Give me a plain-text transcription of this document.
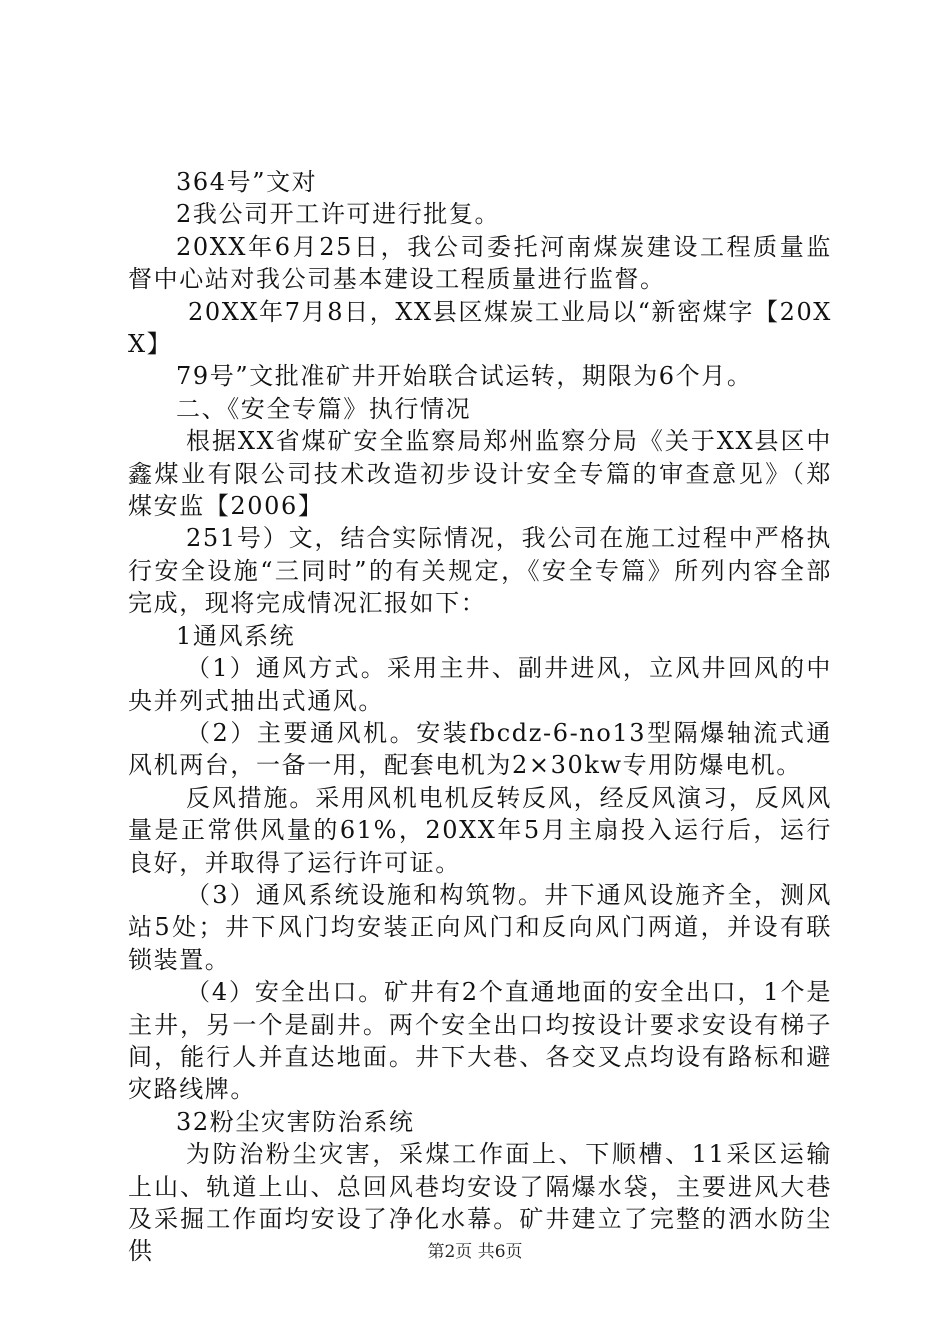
364号”文对

2我公司开工许可进行批复。

20XX年6月25日，我公司委托河南煤炭建设工程质量监督中心站对我公司基本建设工程质量进行监督。

20XX年7月8日，XX县区煤炭工业局以“新密煤字【20XX】

79号”文批准矿井开始联合试运转，期限为6个月。

二、《安全专篇》执行情况

根据XX省煤矿安全监察局郑州监察分局《关于XX县区中鑫煤业有限公司技术改造初步设计安全专篇的审查意见》（郑煤安监【2006】

251号）文，结合实际情况，我公司在施工过程中严格执行安全设施“三同时”的有关规定，《安全专篇》所列内容全部完成，现将完成情况汇报如下：

1通风系统

（1）通风方式。采用主井、副井进风，立风井回风的中央并列式抽出式通风。

（2）主要通风机。安装fbcdz-6-no13型隔爆轴流式通风机两台，一备一用，配套电机为2×30kw专用防爆电机。

反风措施。采用风机电机反转反风，经反风演习，反风风量是正常供风量的61%，20XX年5月主扇投入运行后，运行良好，并取得了运行许可证。

（3）通风系统设施和构筑物。井下通风设施齐全，测风站5处；井下风门均安装正向风门和反向风门两道，并设有联锁装置。

（4）安全出口。矿井有2个直通地面的安全出口，1个是主井，另一个是副井。两个安全出口均按设计要求安设有梯子间，能行人并直达地面。井下大巷、各交叉点均设有路标和避灾路线牌。

32粉尘灾害防治系统

为防治粉尘灾害，采煤工作面上、下顺槽、11采区运输上山、轨道上山、总回风巷均安设了隔爆水袋，主要进风大巷及采掘工作面均安设了净化水幕。矿井建立了完整的洒水防尘供	第2页 共6页
